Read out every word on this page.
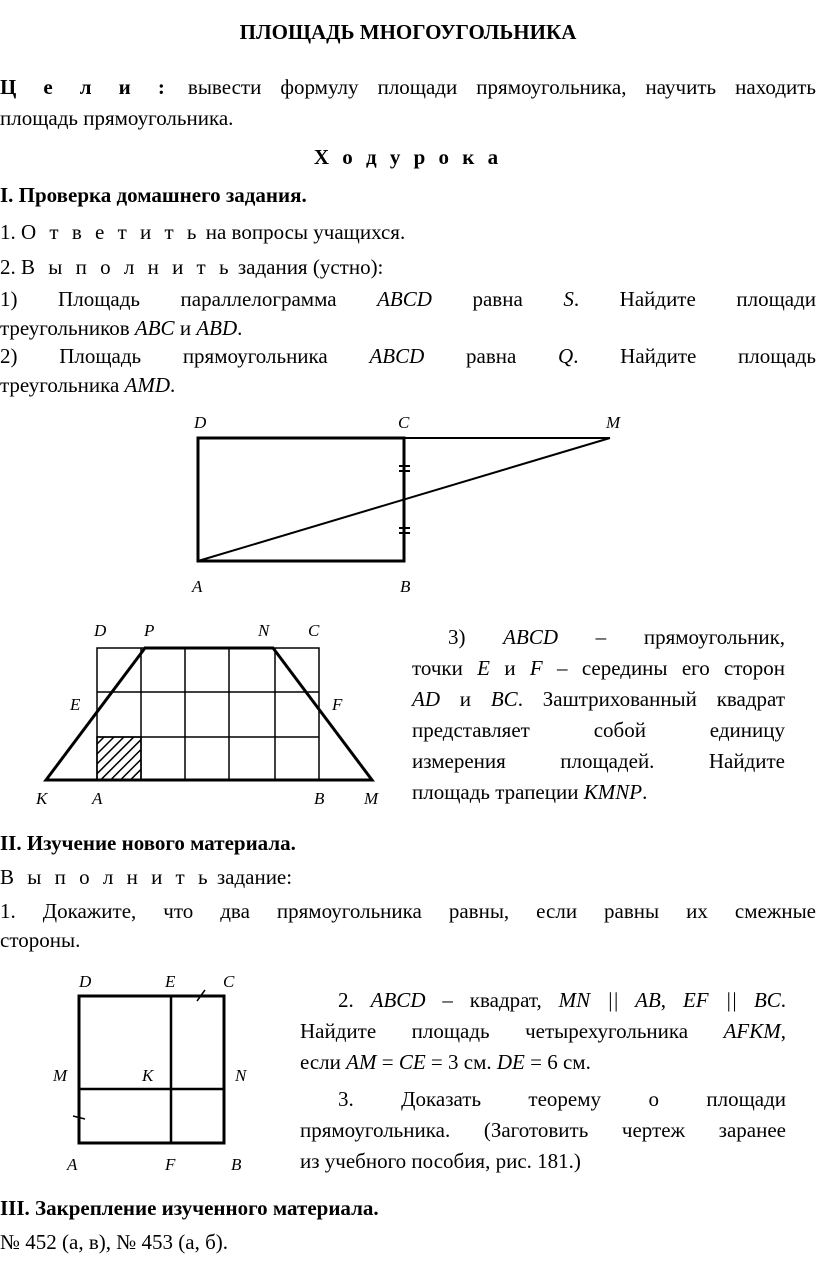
ПЛОЩАДЬ МНОГОУГОЛЬНИКА
Ц е л и : вывести формулу площади прямоугольника, научить находить
площадь прямоугольника.
Х о д у р о к а
I. Проверка домашнего задания.
1. О т в е т и т ь на вопросы учащихся.
2. В ы п о л н и т ь задания (устно):
1) Площадь параллелограмма ABCD равна S. Найдите площади
треугольников ABC и ABD.
2) Площадь прямоугольника ABCD равна Q. Найдите площадь
треугольника AMD.
D	C	M
A	B
D P	N C
E	F
K	A	B M
3) ABCD – прямоугольник,
точки E и F – середины его сторон
AD и BC. Заштрихованный квадрат
представляет собой единицу
измерения площадей. Найдите
площадь трапеции KMNP.
II. Изучение нового материала.
В ы п о л н и т ь задание:
1. Докажите, что два прямоугольника равны, если равны их смежные
стороны.
D	E	C
M	K	N
A	F	B
2. ABCD – квадрат, MN || AB, EF || BC.
Найдите площадь четырехугольника AFKM,
если AM = CE = 3 см. DE = 6 см.
3. Доказать теорему о площади
прямоугольника. (Заготовить чертеж заранее
из учебного пособия, рис. 181.)
III. Закрепление изученного материала.
№ 452 (а, в), № 453 (а, б).
